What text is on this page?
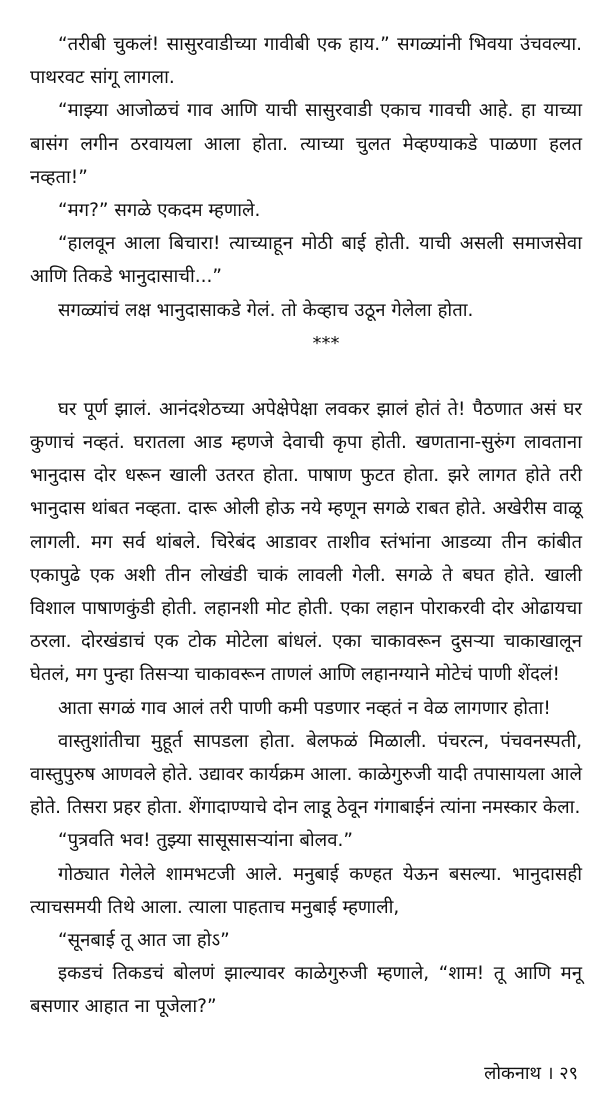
“तरीबी चुकलं! सासुरवाडीच्या गावीबी एक हाय.” सगळ्यांनी भिवया उंचवल्या. पाथरवट सांगू लागला.

“माझ्या आजोळचं गाव आणि याची सासुरवाडी एकाच गावची आहे. हा याच्या बासंग लगीन ठरवायला आला होता. त्याच्या चुलत मेव्हण्याकडे पाळणा हलत नव्हता!”

“मग?” सगळे एकदम म्हणाले.

“हालवून आला बिचारा! त्याच्याहून मोठी बाई होती. याची असली समाजसेवा आणि तिकडे भानुदासाची...”

सगळ्यांचं लक्ष भानुदासाकडे गेलं. तो केव्हाच उठून गेलेला होता.

***

घर पूर्ण झालं. आनंदशेठच्या अपेक्षेपेक्षा लवकर झालं होतं ते! पैठणात असं घर कुणाचं नव्हतं. घरातला आड म्हणजे देवाची कृपा होती. खणताना-सुरुंग लावताना भानुदास दोर धरून खाली उतरत होता. पाषाण फुटत होता. झरे लागत होते तरी भानुदास थांबत नव्हता. दारू ओली होऊ नये म्हणून सगळे राबत होते. अखेरीस वाळू लागली. मग सर्व थांबले. चिरेबंद आडावर ताशीव स्तंभांना आडव्या तीन कांबीत एकापुढे एक अशी तीन लोखंडी चाकं लावली गेली. सगळे ते बघत होते. खाली विशाल पाषाणकुंडी होती. लहानशी मोट होती. एका लहान पोराकरवी दोर ओढायचा ठरला. दोरखंडाचं एक टोक मोटेला बांधलं. एका चाकावरून दुसऱ्या चाकाखालून घेतलं, मग पुन्हा तिसऱ्या चाकावरून ताणलं आणि लहानग्याने मोटेचं पाणी शेंदलं!

आता सगळं गाव आलं तरी पाणी कमी पडणार नव्हतं न वेळ लागणार होता!

वास्तुशांतीचा मुहूर्त सापडला होता. बेलफळं मिळाली. पंचरत्न, पंचवनस्पती, वास्तुपुरुष आणवले होते. उद्यावर कार्यक्रम आला. काळेगुरुजी यादी तपासायला आले होते. तिसरा प्रहर होता. शेंगादाण्याचे दोन लाडू ठेवून गंगाबाईनं त्यांना नमस्कार केला.

“पुत्रवति भव! तुझ्या सासूसासऱ्यांना बोलव.”

गोठ्यात गेलेले शामभटजी आले. मनुबाई कण्हत येऊन बसल्या. भानुदासही त्याचसमयी तिथे आला. त्याला पाहताच मनुबाई म्हणाली,

“सूनबाई तू आत जा होऽ”

इकडचं तिकडचं बोलणं झाल्यावर काळेगुरुजी म्हणाले, “शाम! तू आणि मनू बसणार आहात ना पूजेला?”

लोकनाथ । २९
